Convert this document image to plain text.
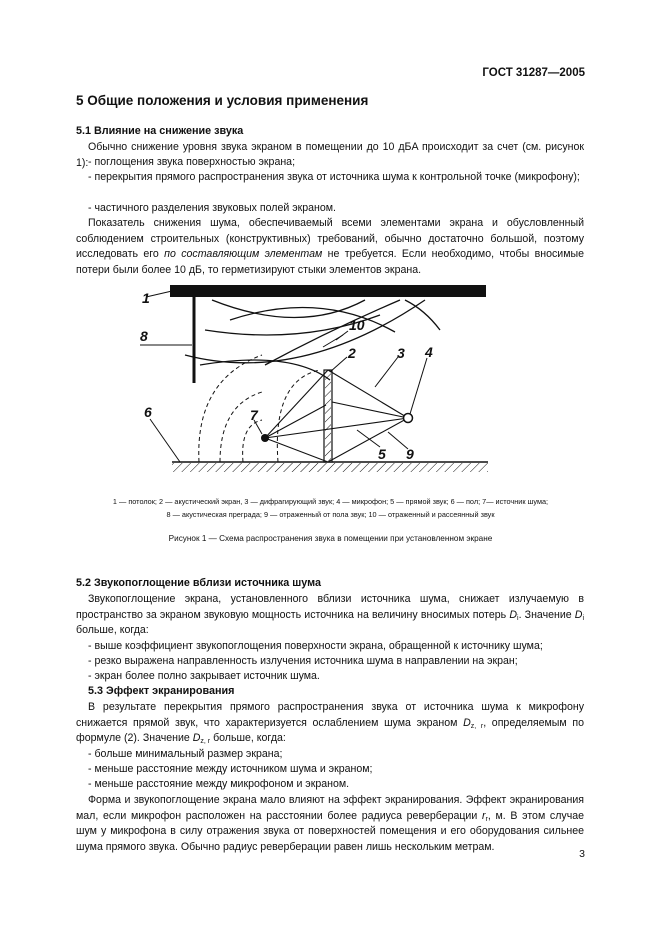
ГОСТ 31287—2005
5 Общие положения и условия применения
5.1 Влияние на снижение звука

Обычно снижение уровня звука экраном в помещении до 10 дБA происходит за счет (см. рисунок 1): - поглощения звука поверхностью экрана;

- перекрытия прямого распространения звука от источника шума к контрольной точке (микрофону);

- частичного разделения звуковых полей экраном.

Показатель снижения шума, обеспечиваемый всеми элементами экрана и обусловленный соблюдением строительных (конструктивных) требований, обычно достаточно большой, поэтому исследовать его по составляющим элементам не требуется. Если необходимо, чтобы вносимые потери были более 10 дБ, то герметизируют стыки элементов экрана.

1
8
10
2	3 4
6	7
5 9
1 — потолок; 2 — акустический экран, 3 — дифрагирующий звук; 4 — микрофон; 5 — прямой звук; 6 — пол; 7— источник шума;
8 — акустическая преграда; 9 — отраженный от пола звук; 10 — отраженный и рассеянный звук
Рисунок 1 — Схема распространения звука в помещении при установленном экране
5.2 Звукопоглощение вблизи источника шума

Звукопоглощение экрана, установленного вблизи источника шума, снижает излучаемую в пространство за экраном звуковую мощность источника на величину вносимых потерь $D_i$. Значение $D_i$ больше, когда:

- выше коэффициент звукопоглощения поверхности экрана, обращенной к источнику шума;

- резко выражена направленность излучения источника шума в направлении на экран;

- экран более полно закрывает источник шума.

5.3 Эффект экранирования

В результате перекрытия прямого распространения звука от источника шума к микрофону снижается прямой звук, что характеризуется ослаблением шума экраном $D_{z, r}$, определяемым по формуле (2). Значение $D_{z, r}$ больше, когда:

- больше минимальный размер экрана;

- меньше расстояние между источником шума и экраном;

- меньше расстояние между микрофоном и экраном.

Форма и звукопоглощение экрана мало влияют на эффект экранирования. Эффект экранирования мал, если микрофон расположен на расстоянии более радиуса реверберации $r_r$, м. В этом случае шум у микрофона в силу отражения звука от поверхностей помещения и его оборудования сильнее шума прямого звука. Обычно радиус реверберации равен лишь нескольким метрам.

3
